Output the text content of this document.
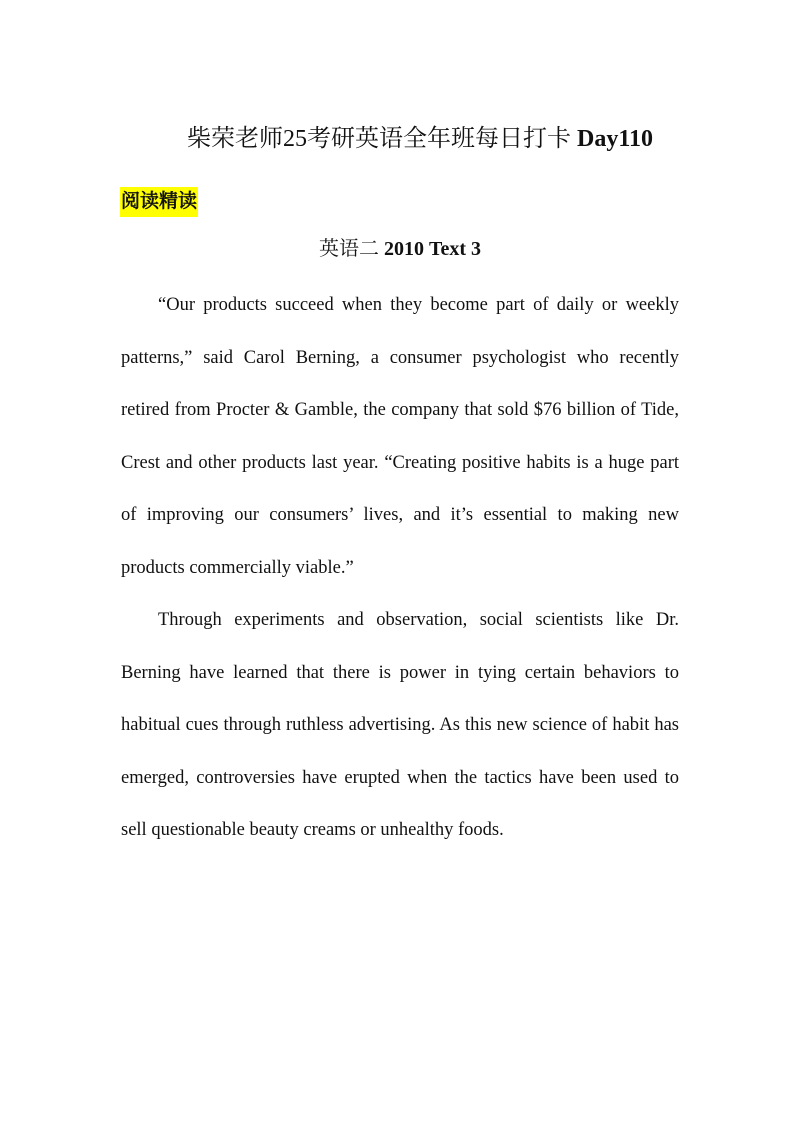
柴荣老师25考研英语全年班每日打卡 Day110
阅读精读
英语二 2010 Text 3

“Our products succeed when they become part of daily or weekly patterns,” said Carol Berning, a consumer psychologist who recently retired from Procter & Gamble, the company that sold $76 billion of Tide, Crest and other products last year. “Creating positive habits is a huge part of improving our consumers’ lives, and it’s essential to making new products commercially viable.”

Through experiments and observation, social scientists like Dr. Berning have learned that there is power in tying certain behaviors to habitual cues through ruthless advertising. As this new science of habit has emerged, controversies have erupted when the tactics have been used to sell questionable beauty creams or unhealthy foods.
